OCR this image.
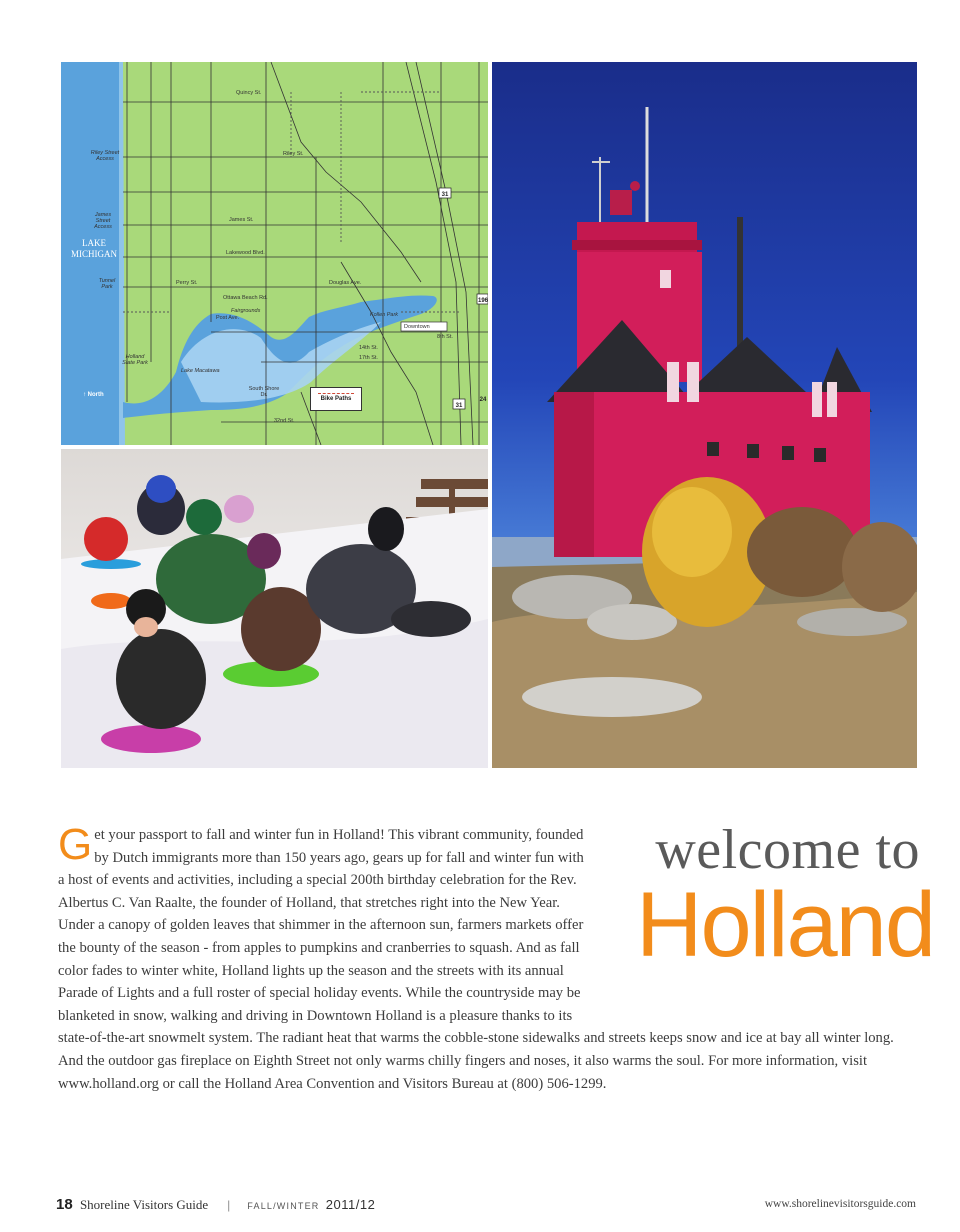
31
31
196
24
Quincy St.
Riley St.
James St.
Lakewood Blvd.
Perry St.	Douglas Ave.
Ottawa Beach Rd.
Fairgrounds
Post Ave.
14th St.
17th St.
8th St.
32nd St.
South Shore Dr.
Kollen Park
Downtown
Lake Macatawa
Holland State Park
Riley Street Access
James Street Access
Tunnel Park
LAKE MICHIGAN
↑ North
Bike Paths
welcome to
Holland
Get your passport to fall and winter fun in Holland! This vibrant community, founded by Dutch immigrants more than 150 years ago, gears up for fall and winter fun with a host of events and activities, including a special 200th birthday celebration for the Rev. Albertus C. Van Raalte, the founder of Holland, that stretches right into the New Year. Under a canopy of golden leaves that shimmer in the afternoon sun, farmers markets offer the bounty of the season - from apples to pumpkins and cranberries to squash. And as fall color fades to winter white, Holland lights up the season and the streets with its annual Parade of Lights and a full roster of special holiday events. While the countryside may be blanketed in snow, walking and driving in Downtown Holland is a pleasure thanks to its state-of-the-art snowmelt system. The radiant heat that warms the cobble-stone sidewalks and streets keeps snow and ice at bay all winter long. And the outdoor gas fireplace on Eighth Street not only warms chilly fingers and noses, it also warms the soul. For more information, visit www.holland.org or call the Holland Area Convention and Visitors Bureau at (800) 506-1299.
18 Shoreline Visitors Guide | FALL/WINTER 2011/12	www.shorelinevisitorsguide.com
